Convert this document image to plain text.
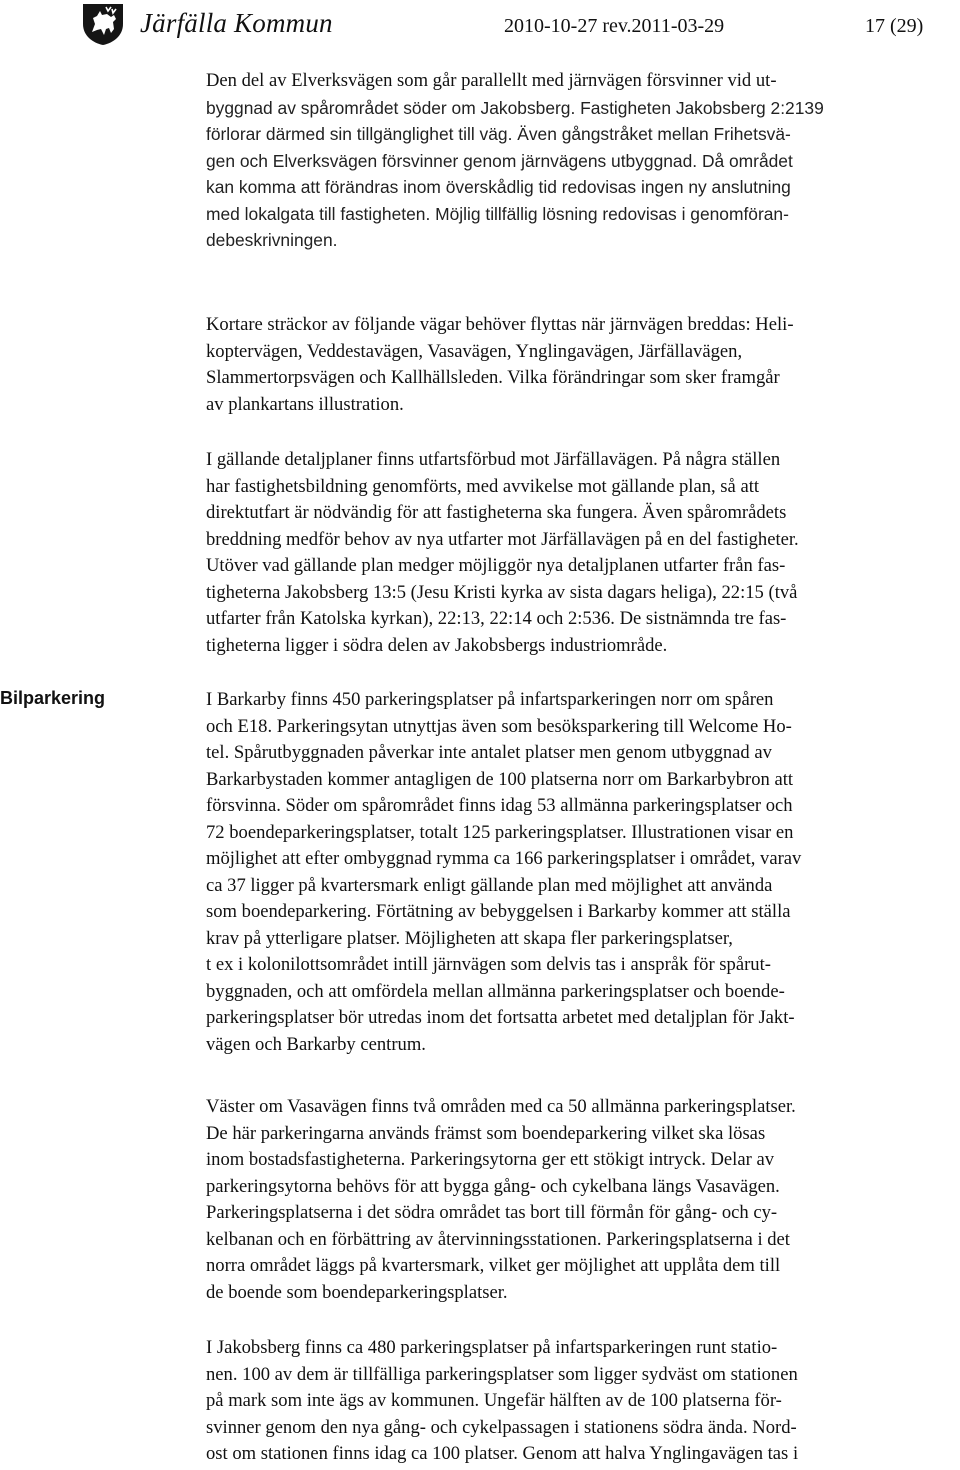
Järfälla Kommun	2010-10-27 rev.2011-03-29	17 (29)
Bilparkering
Den del av Elverksvägen som går parallellt med järnvägen försvinner vid ut-
byggnad av spårområdet söder om Jakobsberg. Fastigheten Jakobsberg 2:2139
förlorar därmed sin tillgänglighet till väg. Även gångstråket mellan Frihetsvä-
gen och Elverksvägen försvinner genom järnvägens utbyggnad. Då området
kan komma att förändras inom överskådlig tid redovisas ingen ny anslutning
med lokalgata till fastigheten. Möjlig tillfällig lösning redovisas i genomföran-
debeskrivningen.
Kortare sträckor av följande vägar behöver flyttas när järnvägen breddas: Heli-
koptervägen, Veddestavägen, Vasavägen, Ynglingavägen, Järfällavägen,
Slammertorpsvägen och Kallhällsleden. Vilka förändringar som sker framgår
av plankartans illustration.
I gällande detaljplaner finns utfartsförbud mot Järfällavägen. På några ställen
har fastighetsbildning genomförts, med avvikelse mot gällande plan, så att
direktutfart är nödvändig för att fastigheterna ska fungera. Även spårområdets
breddning medför behov av nya utfarter mot Järfällavägen på en del fastigheter.
Utöver vad gällande plan medger möjliggör nya detaljplanen utfarter från fas-
tigheterna Jakobsberg 13:5 (Jesu Kristi kyrka av sista dagars heliga), 22:15 (två
utfarter från Katolska kyrkan), 22:13, 22:14 och 2:536. De sistnämnda tre fas-
tigheterna ligger i södra delen av Jakobsbergs industriområde.
I Barkarby finns 450 parkeringsplatser på infartsparkeringen norr om spåren
och E18. Parkeringsytan utnyttjas även som besöksparkering till Welcome Ho-
tel. Spårutbyggnaden påverkar inte antalet platser men genom utbyggnad av
Barkarbystaden kommer antagligen de 100 platserna norr om Barkarbybron att
försvinna. Söder om spårområdet finns idag 53 allmänna parkeringsplatser och
72 boendeparkeringsplatser, totalt 125 parkeringsplatser. Illustrationen visar en
möjlighet att efter ombyggnad rymma ca 166 parkeringsplatser i området, varav
ca 37 ligger på kvartersmark enligt gällande plan med möjlighet att använda
som boendeparkering. Förtätning av bebyggelsen i Barkarby kommer att ställa
krav på ytterligare platser. Möjligheten att skapa fler parkeringsplatser,
t ex i kolonilottsområdet intill järnvägen som delvis tas i anspråk för spårut-
byggnaden, och att omfördela mellan allmänna parkeringsplatser och boende-
parkeringsplatser bör utredas inom det fortsatta arbetet med detaljplan för Jakt-
vägen och Barkarby centrum.
Väster om Vasavägen finns två områden med ca 50 allmänna parkeringsplatser.
De här parkeringarna används främst som boendeparkering vilket ska lösas
inom bostadsfastigheterna. Parkeringsytorna ger ett stökigt intryck. Delar av
parkeringsytorna behövs för att bygga gång- och cykelbana längs Vasavägen.
Parkeringsplatserna i det södra området tas bort till förmån för gång- och cy-
kelbanan och en förbättring av återvinningsstationen. Parkeringsplatserna i det
norra området läggs på kvartersmark, vilket ger möjlighet att upplåta dem till
de boende som boendeparkeringsplatser.
I Jakobsberg finns ca 480 parkeringsplatser på infartsparkeringen runt statio-
nen. 100 av dem är tillfälliga parkeringsplatser som ligger sydväst om stationen
på mark som inte ägs av kommunen. Ungefär hälften av de 100 platserna för-
svinner genom den nya gång- och cykelpassagen i stationens södra ända. Nord-
ost om stationen finns idag ca 100 platser. Genom att halva Ynglingavägen tas i
